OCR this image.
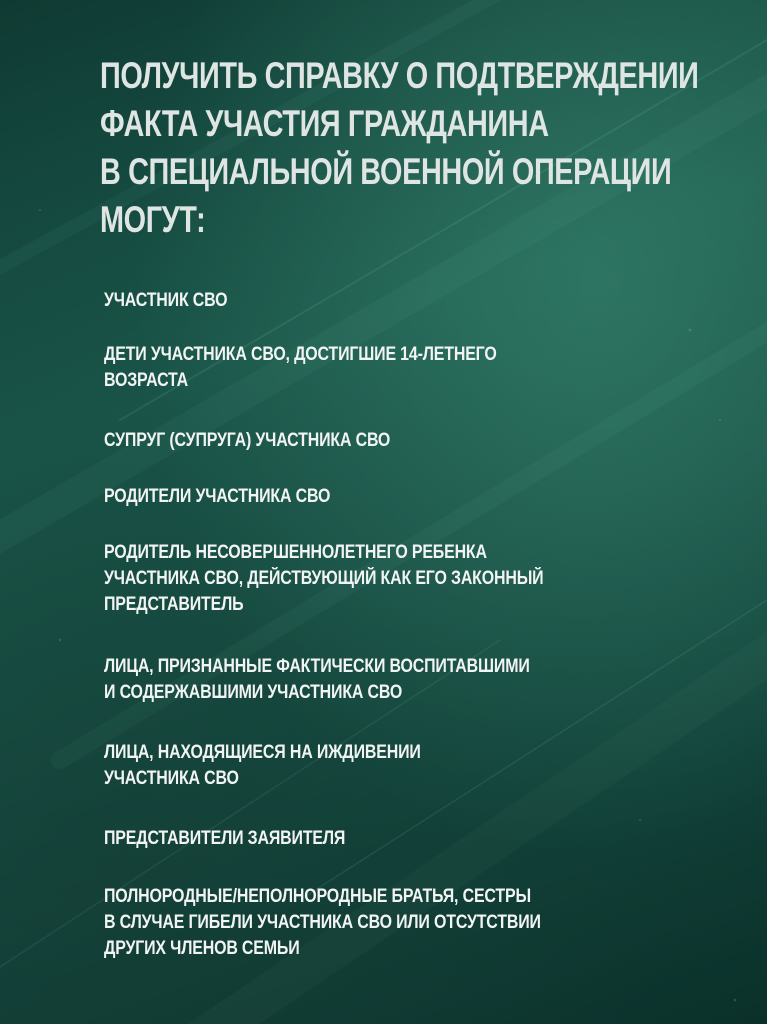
ПОЛУЧИТЬ СПРАВКУ О ПОДТВЕРЖДЕНИИ
ФАКТА УЧАСТИЯ ГРАЖДАНИНА
В СПЕЦИАЛЬНОЙ ВОЕННОЙ ОПЕРАЦИИ
МОГУТ:
УЧАСТНИК СВО
ДЕТИ УЧАСТНИКА СВО, ДОСТИГШИЕ 14-ЛЕТНЕГО
ВОЗРАСТА
СУПРУГ (СУПРУГА) УЧАСТНИКА СВО
РОДИТЕЛИ УЧАСТНИКА СВО
РОДИТЕЛЬ НЕСОВЕРШЕННОЛЕТНЕГО РЕБЕНКА
УЧАСТНИКА СВО, ДЕЙСТВУЮЩИЙ КАК ЕГО ЗАКОННЫЙ
ПРЕДСТАВИТЕЛЬ
ЛИЦА, ПРИЗНАННЫЕ ФАКТИЧЕСКИ ВОСПИТАВШИМИ
И СОДЕРЖАВШИМИ УЧАСТНИКА СВО
ЛИЦА, НАХОДЯЩИЕСЯ НА ИЖДИВЕНИИ
УЧАСТНИКА СВО
ПРЕДСТАВИТЕЛИ ЗАЯВИТЕЛЯ
ПОЛНОРОДНЫЕ/НЕПОЛНОРОДНЫЕ БРАТЬЯ, СЕСТРЫ
В СЛУЧАЕ ГИБЕЛИ УЧАСТНИКА СВО ИЛИ ОТСУТСТВИИ
ДРУГИХ ЧЛЕНОВ СЕМЬИ
